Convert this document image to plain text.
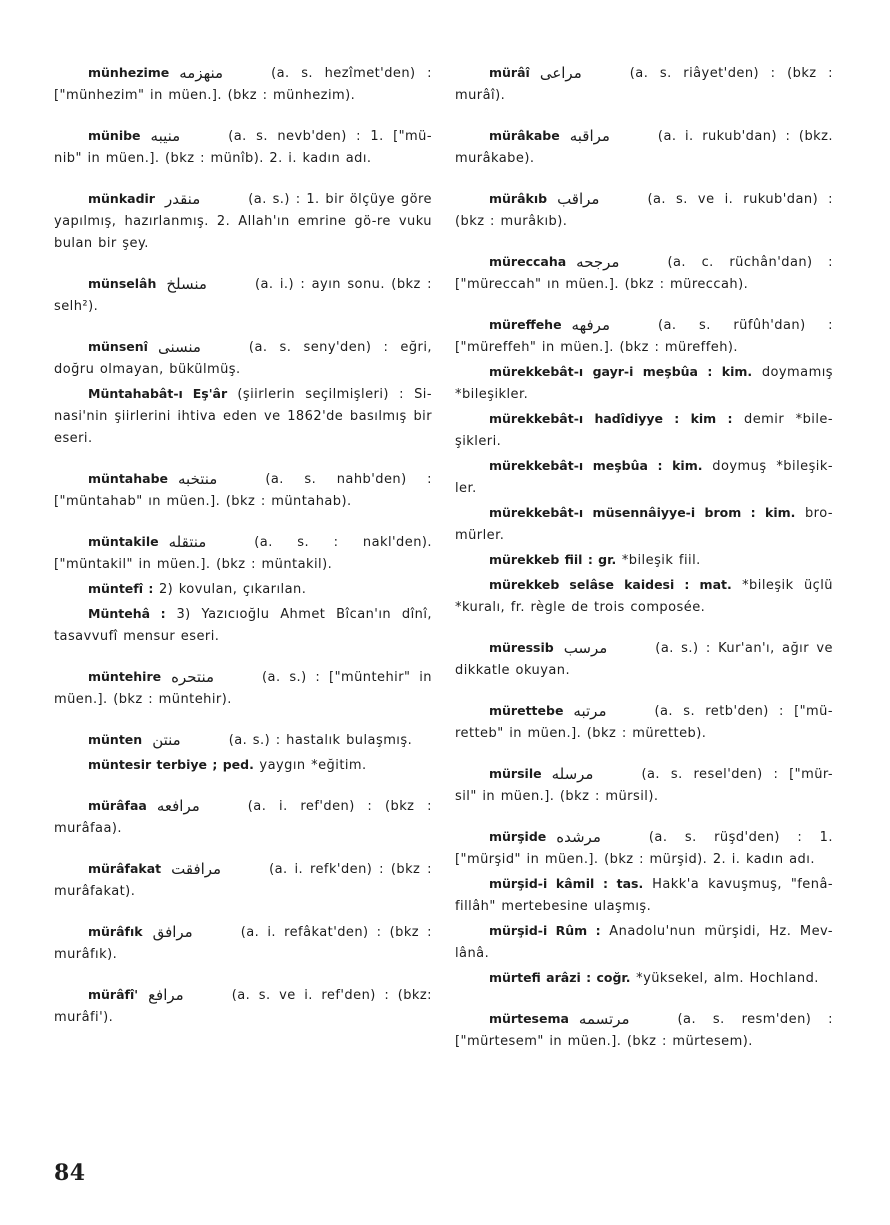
münhezime منهزمه	(a. s. hezîmet'den) : ["münhezim" in müen.]. (bkz : münhezim).

münibe منيبه	(a. s. nevb'den) : 1. ["mü-nib" in müen.]. (bkz : münîb). 2. i. kadın adı.

münkadir منقدر	(a. s.) : 1. bir ölçüye göre yapılmış, hazırlanmış. 2. Allah'ın emrine gö-re vuku bulan bir şey.

münselâh منسلخ	(a. i.) : ayın sonu. (bkz : selh²).

münsenî منسنى	(a. s. seny'den) : eğri, doğru olmayan, bükülmüş.

Müntahabât-ı Eş'âr (şiirlerin seçilmişleri) : Si-nasi'nin şiirlerini ihtiva eden ve 1862'de basılmış bir eseri.

müntahabe منتخبه	(a. s. nahb'den) : ["müntahab" ın müen.]. (bkz : müntahab).

müntakile منتقله	(a. s. : nakl'den). ["müntakil" in müen.]. (bkz : müntakil).

müntefî : 2) kovulan, çıkarılan.

Müntehâ : 3) Yazıcıoğlu Ahmet Bîcan'ın dînî, tasavvufî mensur eseri.

müntehire منتحره	(a. s.) : ["müntehir" in müen.]. (bkz : müntehir).

münten منتن	(a. s.) : hastalık bulaşmış.

müntesir terbiye ; ped. yaygın *eğitim.

mürâfaa مرافعه	(a. i. ref'den) : (bkz : murâfaa).

mürâfakat مرافقت	(a. i. refk'den) : (bkz : murâfakat).

mürâfık مرافق	(a. i. refâkat'den) : (bkz : murâfık).

mürâfî' مرافع	(a. s. ve i. ref'den) : (bkz: murâfi').

mürâî مراعى	(a. s. riâyet'den) : (bkz : murâî).

mürâkabe مراقبه	(a. i. rukub'dan) : (bkz. murâkabe).

mürâkıb مراقب	(a. s. ve i. rukub'dan) : (bkz : murâkıb).

müreccaha مرجحه	(a. c. rüchân'dan) : ["müreccah" ın müen.]. (bkz : müreccah).

müreffehe مرفهه	(a. s. rüfûh'dan) : ["müreffeh" in müen.]. (bkz : müreffeh).

mürekkebât-ı gayr-i meşbûa : kim. doymamış *bileşikler.

mürekkebât-ı hadîdiyye : kim : demir *bile-şikleri.

mürekkebât-ı meşbûa : kim. doymuş *bileşik-ler.

mürekkebât-ı müsennâiyye-i brom : kim. bro-mürler.

mürekkeb fiil : gr. *bileşik fiil.

mürekkeb selâse kaidesi : mat. *bileşik üçlü *kuralı, fr. règle de trois composée.

müressib مرسب	(a. s.) : Kur'an'ı, ağır ve dikkatle okuyan.

mürettebe مرتبه	(a. s. retb'den) : ["mü-retteb" in müen.]. (bkz : müretteb).

mürsile مرسله	(a. s. resel'den) : ["mür-sil" in müen.]. (bkz : mürsil).

mürşide مرشده	(a. s. rüşd'den) : 1. ["mürşid" in müen.]. (bkz : mürşid). 2. i. kadın adı.

mürşid-i kâmil : tas. Hakk'a kavuşmuş, "fenâ-fillâh" mertebesine ulaşmış.

mürşid-i Rûm : Anadolu'nun mürşidi, Hz. Mev-lânâ.

mürtefi arâzi : coğr. *yüksekel, alm. Hochland.

mürtesema مرتسمه	(a. s. resm'den) : ["mürtesem" in müen.]. (bkz : mürtesem).

84
